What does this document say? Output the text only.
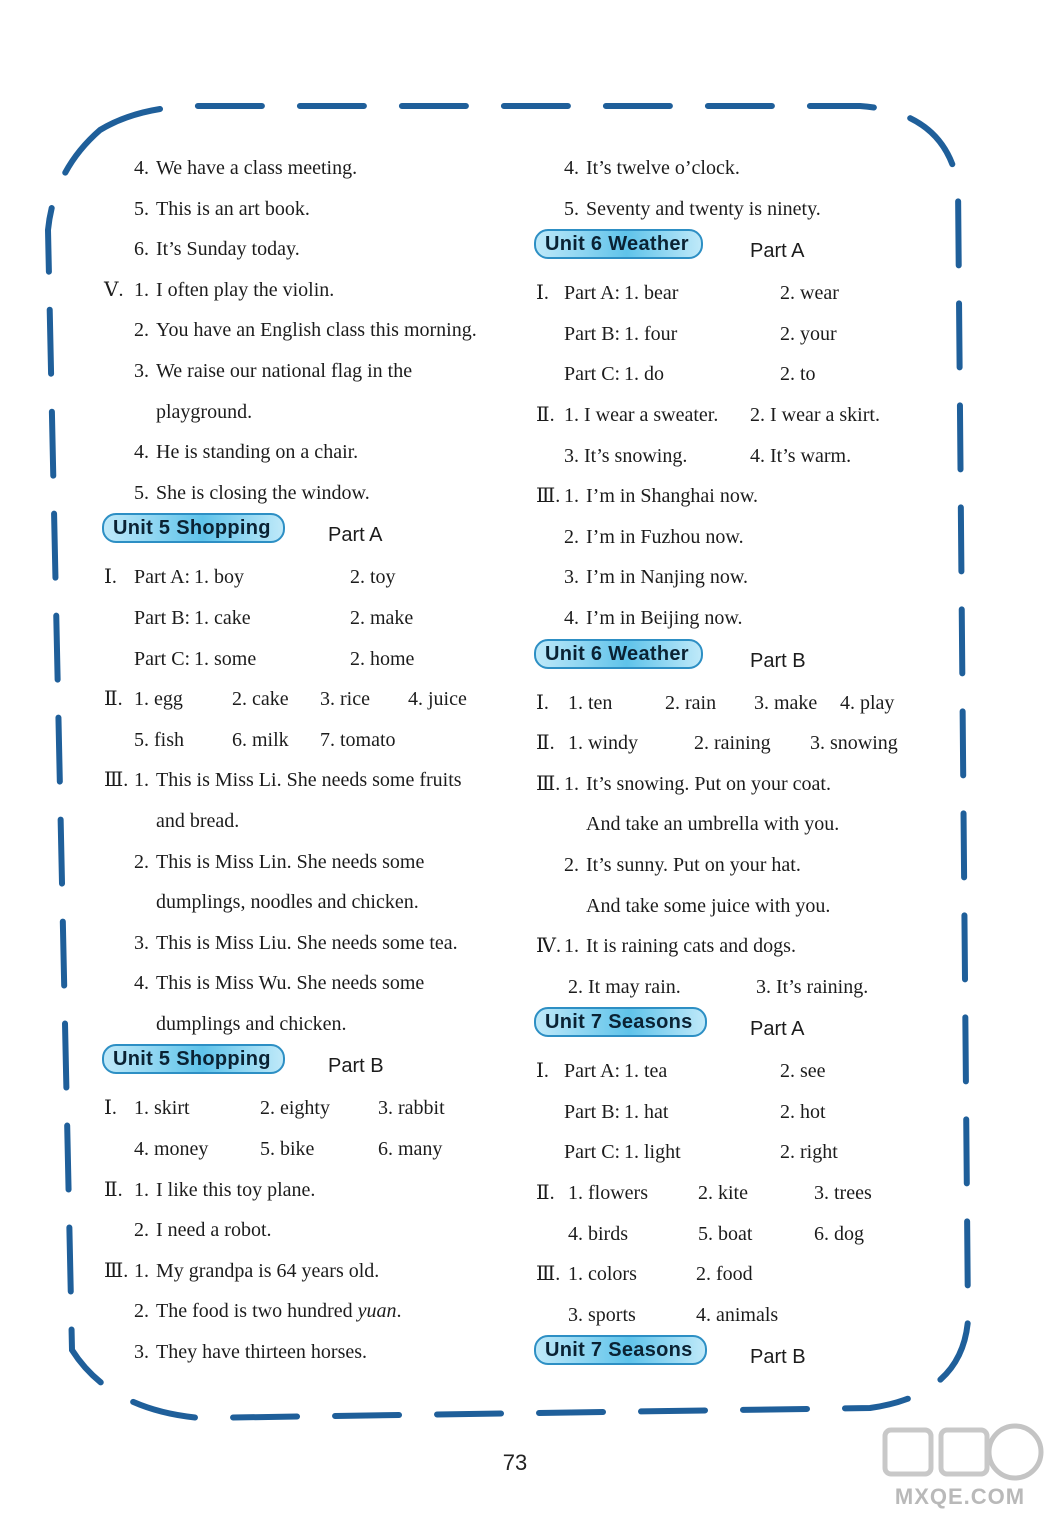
4. We have a class meeting.
5. This is an art book.
6. It’s Sunday today.
Ⅴ. 1. I often play the violin.
2. You have an English class this morning.
3. We raise our national flag in the
playground.
4. He is standing on a chair.
5. She is closing the window.
Unit 5 Shopping	Part A
Ⅰ. Part A: 1. boy	2. toy
Part B: 1. cake	2. make
Part C: 1. some	2. home
Ⅱ. 1. egg 2. cake 3. rice 4. juice
5. fish 6. milk 7. tomato
Ⅲ. 1. This is Miss Li. She needs some fruits
and bread.
2. This is Miss Lin. She needs some
dumplings, noodles and chicken.
3. This is Miss Liu. She needs some tea.
4. This is Miss Wu. She needs some
dumplings and chicken.
Unit 5 Shopping	Part B
Ⅰ. 1. skirt	2. eighty 3. rabbit
4. money	5. bike	6. many
Ⅱ. 1. I like this toy plane.
2. I need a robot.
Ⅲ. 1. My grandpa is 64 years old.
2. The food is two hundred yuan.
3. They have thirteen horses.
4. It’s twelve o’clock.
5. Seventy and twenty is ninety.
Unit 6 Weather	Part A
Ⅰ. Part A: 1. bear	2. wear
Part B: 1. four	2. your
Part C: 1. do	2. to
Ⅱ. 1. I wear a sweater. 2. I wear a skirt.
3. It’s snowing.	4. It’s warm.
Ⅲ. 1. I’m in Shanghai now.
2. I’m in Fuzhou now.
3. I’m in Nanjing now.
4. I’m in Beijing now.
Unit 6 Weather	Part B
Ⅰ. 1. ten	2. rain 3. make 4. play
Ⅱ. 1. windy	2. raining 3. snowing
Ⅲ. 1. It’s snowing. Put on your coat.
And take an umbrella with you.
2. It’s sunny. Put on your hat.
And take some juice with you.
Ⅳ. 1. It is raining cats and dogs.
2. It may rain.	3. It’s raining.
Unit 7 Seasons	Part A
Ⅰ. Part A: 1. tea	2. see
Part B: 1. hat	2. hot
Part C: 1. light	2. right
Ⅱ. 1. flowers	2. kite	3. trees
4. birds	5. boat	6. dog
Ⅲ. 1. colors	2. food
3. sports	4. animals
Unit 7 Seasons	Part B
73
MXQE.COM
